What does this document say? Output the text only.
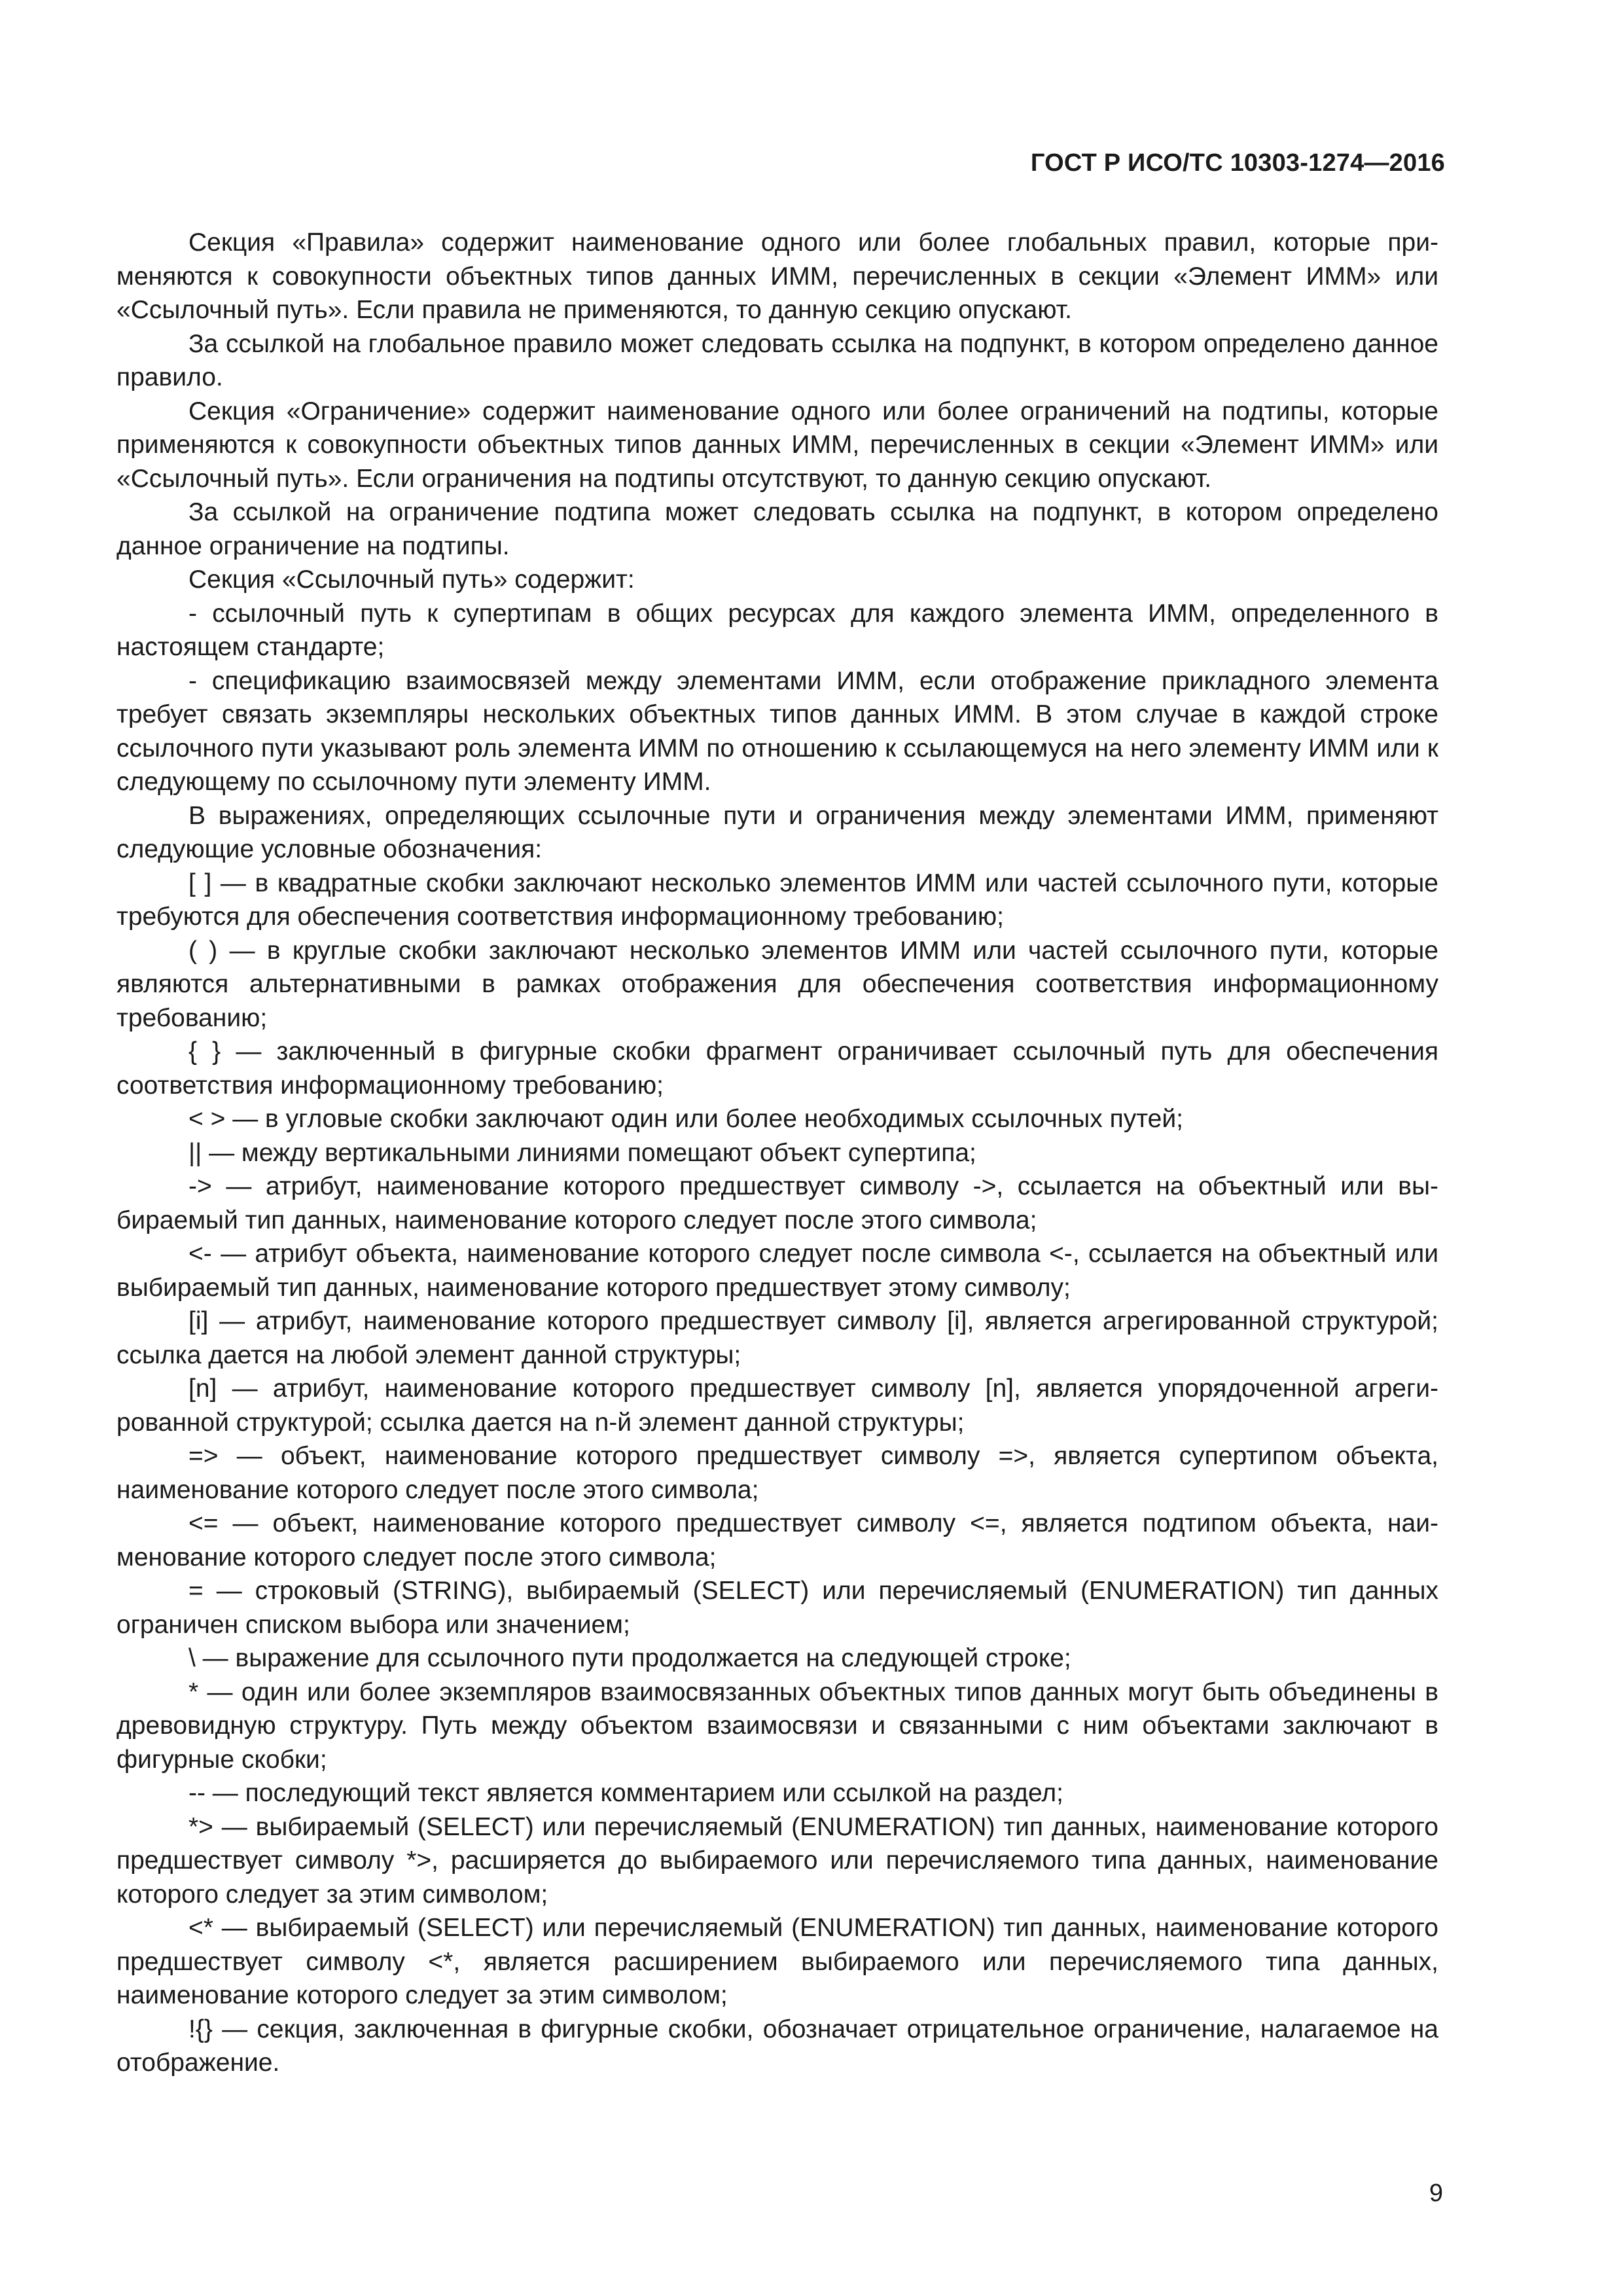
ГОСТ Р ИСО/ТС 10303-1274—2016

Секция «Правила» содержит наименование одного или более глобальных правил, которые применяются к совокупности объектных типов данных ИММ, перечисленных в секции «Элемент ИММ» или «Ссылочный путь». Если правила не применяются, то данную секцию опускают.

За ссылкой на глобальное правило может следовать ссылка на подпункт, в котором определено данное правило.

Секция «Ограничение» содержит наименование одного или более ограничений на подтипы, которые применяются к совокупности объектных типов данных ИММ, перечисленных в секции «Элемент ИММ» или «Ссылочный путь». Если ограничения на подтипы отсутствуют, то данную секцию опускают.

За ссылкой на ограничение подтипа может следовать ссылка на подпункт, в котором определено данное ограничение на подтипы.

Секция «Ссылочный путь» содержит:

- ссылочный путь к супертипам в общих ресурсах для каждого элемента ИММ, определенного в настоящем стандарте;

- спецификацию взаимосвязей между элементами ИММ, если отображение прикладного элемента требует связать экземпляры нескольких объектных типов данных ИММ. В этом случае в каждой строке ссылочного пути указывают роль элемента ИММ по отношению к ссылающемуся на него элементу ИММ или к следующему по ссылочному пути элементу ИММ.

В выражениях, определяющих ссылочные пути и ограничения между элементами ИММ, применяют следующие условные обозначения:

[ ] — в квадратные скобки заключают несколько элементов ИММ или частей ссылочного пути, которые требуются для обеспечения соответствия информационному требованию;

( ) — в круглые скобки заключают несколько элементов ИММ или частей ссылочного пути, которые являются альтернативными в рамках отображения для обеспечения соответствия информационному требованию;

{ } — заключенный в фигурные скобки фрагмент ограничивает ссылочный путь для обеспечения соответствия информационному требованию;

< > — в угловые скобки заключают один или более необходимых ссылочных путей;

|| — между вертикальными линиями помещают объект супертипа;

-> — атрибут, наименование которого предшествует символу ->, ссылается на объектный или выбираемый тип данных, наименование которого следует после этого символа;

<- — атрибут объекта, наименование которого следует после символа <-, ссылается на объектный или выбираемый тип данных, наименование которого предшествует этому символу;

[i] — атрибут, наименование которого предшествует символу [i], является агрегированной структурой; ссылка дается на любой элемент данной структуры;

[n] — атрибут, наименование которого предшествует символу [n], является упорядоченной агрегированной структурой; ссылка дается на n-й элемент данной структуры;

=> — объект, наименование которого предшествует символу =>, является супертипом объекта, наименование которого следует после этого символа;

<= — объект, наименование которого предшествует символу <=, является подтипом объекта, наименование которого следует после этого символа;

= — строковый (STRING), выбираемый (SELECT) или перечисляемый (ENUMERATION) тип данных ограничен списком выбора или значением;

\ — выражение для ссылочного пути продолжается на следующей строке;

* — один или более экземпляров взаимосвязанных объектных типов данных могут быть объединены в древовидную структуру. Путь между объектом взаимосвязи и связанными с ним объектами заключают в фигурные скобки;

-- — последующий текст является комментарием или ссылкой на раздел;

*> — выбираемый (SELECT) или перечисляемый (ENUMERATION) тип данных, наименование которого предшествует символу *>, расширяется до выбираемого или перечисляемого типа данных, наименование которого следует за этим символом;

<* — выбираемый (SELECT) или перечисляемый (ENUMERATION) тип данных, наименование которого предшествует символу <*, является расширением выбираемого или перечисляемого типа данных, наименование которого следует за этим символом;

!{} — секция, заключенная в фигурные скобки, обозначает отрицательное ограничение, налагаемое на отображение.

9
